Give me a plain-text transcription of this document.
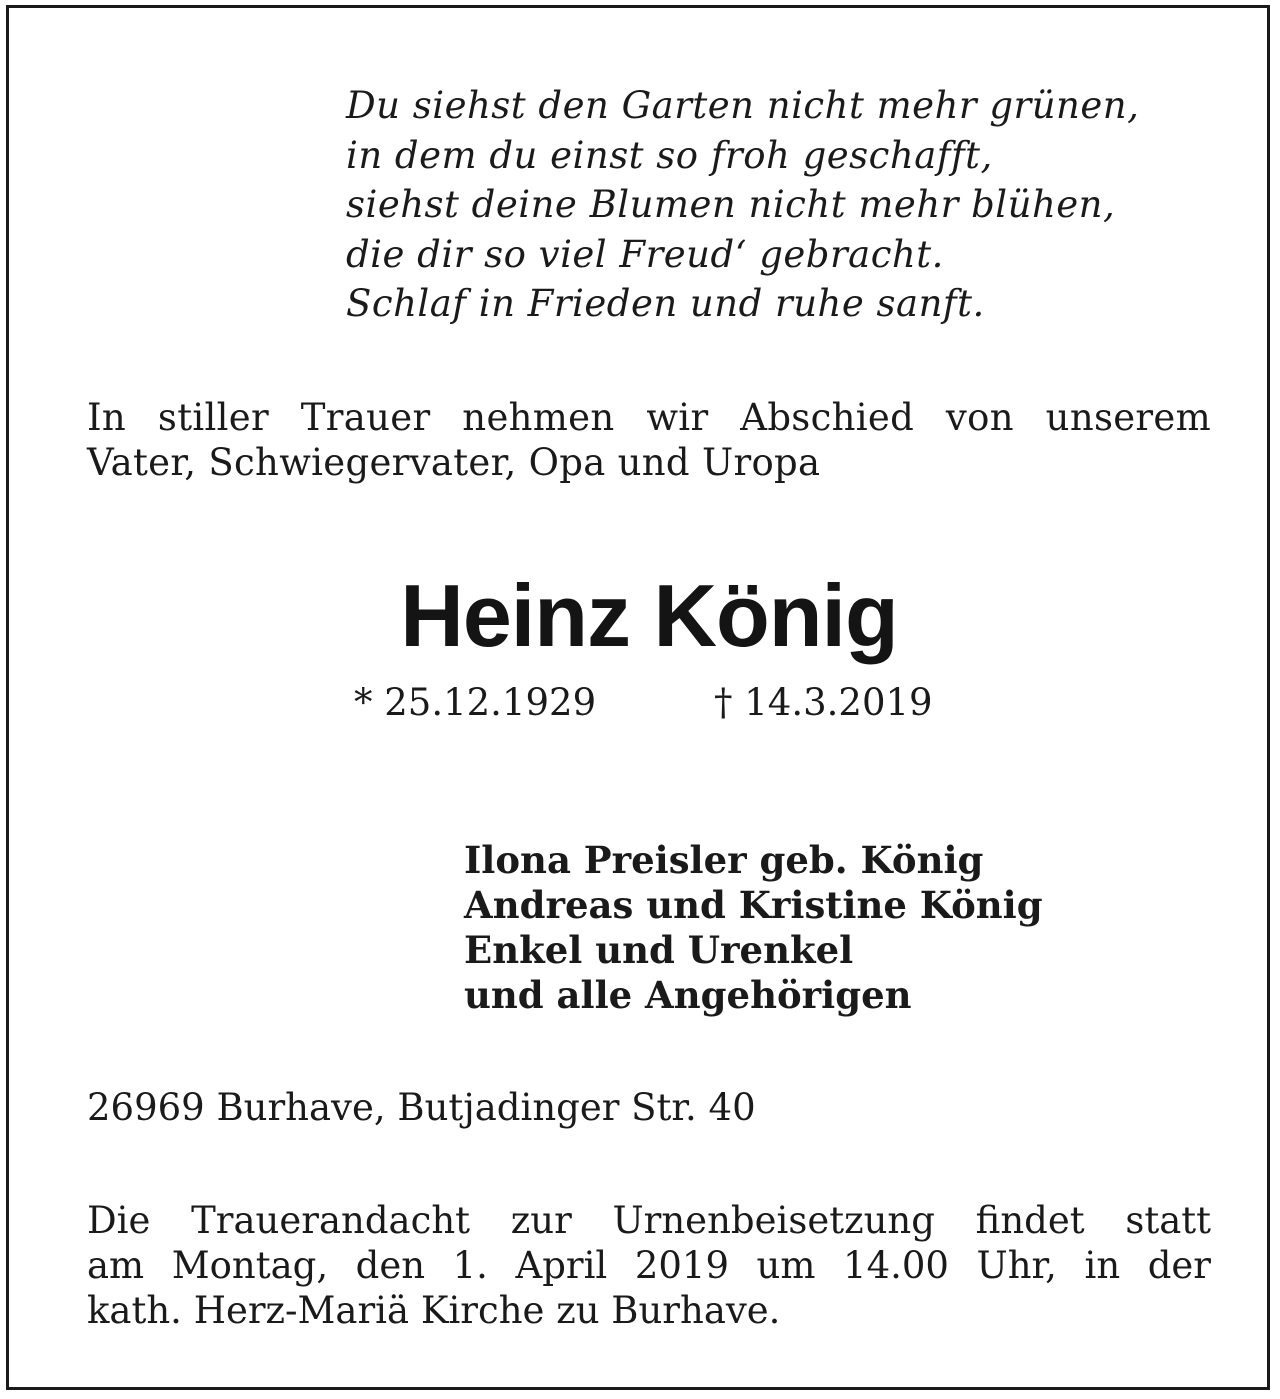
Du siehst den Garten nicht mehr grünen,
in dem du einst so froh geschafft,
siehst deine Blumen nicht mehr blühen,
die dir so viel Freud‘ gebracht.
Schlaf in Frieden und ruhe sanft.
In stiller Trauer nehmen wir Abschied von unserem
Vater, Schwiegervater, Opa und Uropa
Heinz König
* 25.12.1929	† 14.3.2019
Ilona Preisler geb. König
Andreas und Kristine König
Enkel und Urenkel
und alle Angehörigen
26969 Burhave, Butjadinger Str. 40
Die Trauerandacht zur Urnenbeisetzung findet statt
am Montag, den 1. April 2019 um 14.00 Uhr, in der
kath. Herz-Mariä Kirche zu Burhave.
